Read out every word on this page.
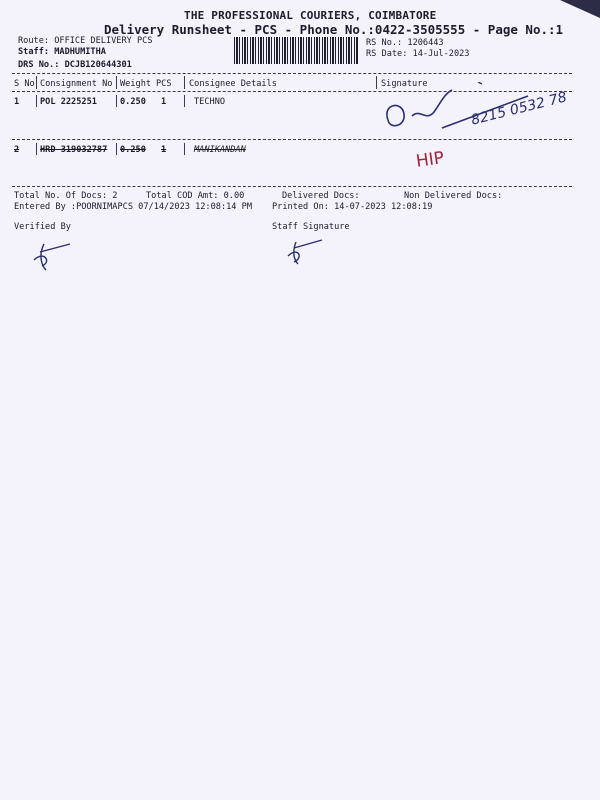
THE PROFESSIONAL COURIERS, COIMBATORE
Delivery Runsheet - PCS - Phone No.:0422-3505555 - Page No.:1
Route: OFFICE DELIVERY PCS
Staff: MADHUMITHA
DRS No.: DCJB120644301
RS No.: 1206443
RS Date: 14-Jul-2023
S No Consignment No Weight PCS Consignee Details	Signature
1 POL 2225251	0.250 1	TECHNO	8215 0532 78
2 HRD 319032787 0.250 1	MANIKANDAN	HIP
Total No. Of Docs: 2	Total COD Amt: 0.00	Delivered Docs:	Non Delivered Docs:
Entered By :POORNIMAPCS 07/14/2023 12:08:14 PM Printed On: 14-07-2023 12:08:19
Verified By	Staff Signature
